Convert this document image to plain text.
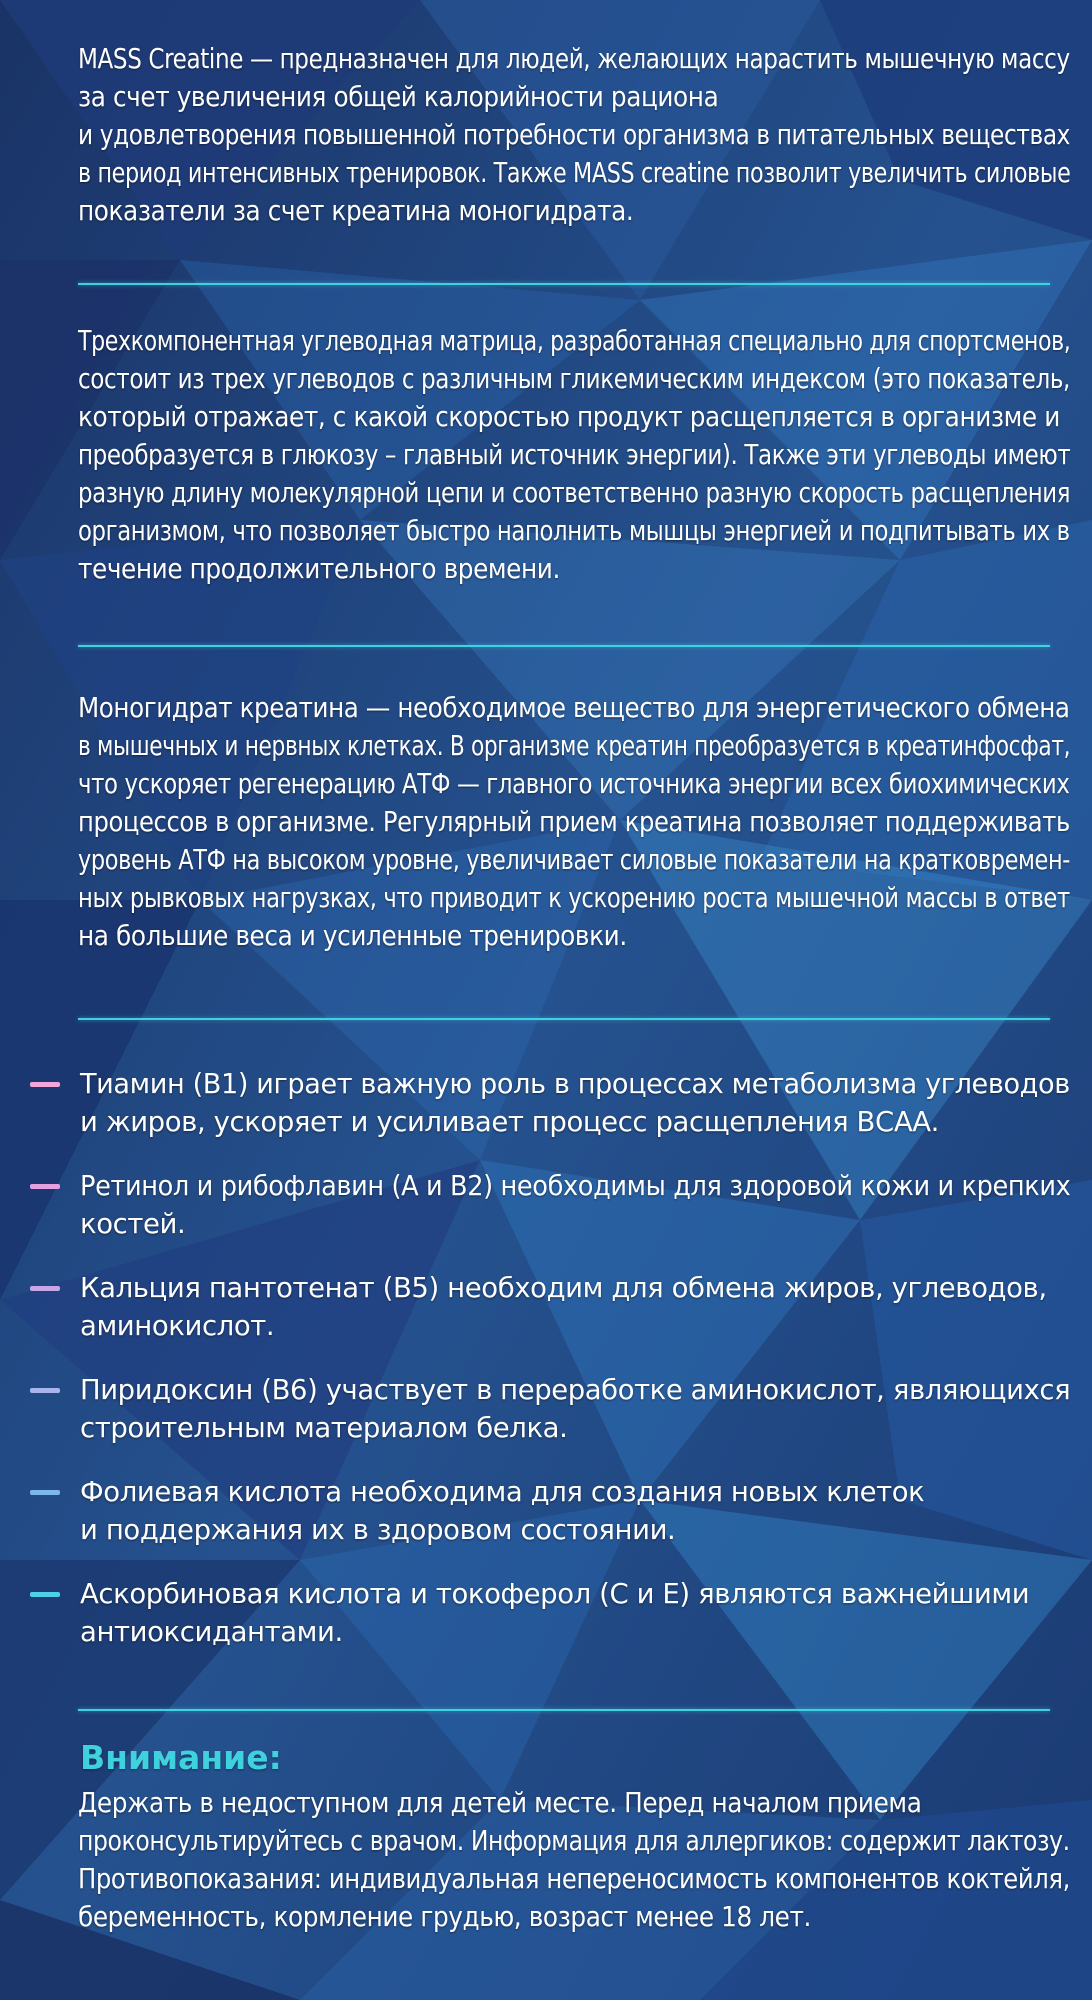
MASS Creatine — предназначен для людей, желающих нарастить мышечную массу
за счет увеличения общей калорийности рациона
и удовлетворения повышенной потребности организма в питательных веществах
в период интенсивных тренировок. Также MASS creatine позволит увеличить силовые
показатели за счет креатина моногидрата.

Трехкомпонентная углеводная матрица, разработанная специально для спортсменов,
состоит из трех углеводов с различным гликемическим индексом (это показатель,
который отражает, с какой скоростью продукт расщепляется в организме и
преобразуется в глюкозу – главный источник энергии). Также эти углеводы имеют
разную длину молекулярной цепи и соответственно разную скорость расщепления
организмом, что позволяет быстро наполнить мышцы энергией и подпитывать их в
течение продолжительного времени.

Моногидрат креатина — необходимое вещество для энергетического обмена
в мышечных и нервных клетках. В организме креатин преобразуется в креатинфосфат,
что ускоряет регенерацию АТФ — главного источника энергии всех биохимических
процессов в организме. Регулярный прием креатина позволяет поддерживать
уровень АТФ на высоком уровне, увеличивает силовые показатели на кратковремен-
ных рывковых нагрузках, что приводит к ускорению роста мышечной массы в ответ
на большие веса и усиленные тренировки.

Тиамин (В1) играет важную роль в процессах метаболизма углеводов
и жиров, ускоряет и усиливает процесс расщепления ВСАА.
Ретинол и рибофлавин (А и В2) необходимы для здоровой кожи и крепких
костей.
Кальция пантотенат (В5) необходим для обмена жиров, углеводов,
аминокислот.
Пиридоксин (В6) участвует в переработке аминокислот, являющихся
строительным материалом белка.
Фолиевая кислота необходима для создания новых клеток
и поддержания их в здоровом состоянии.
Аскорбиновая кислота и токоферол (С и Е) являются важнейшими
антиоксидантами.
Внимание:

Держать в недоступном для детей месте. Перед началом приема
проконсультируйтесь с врачом. Информация для аллергиков: содержит лактозу.
Противопоказания: индивидуальная непереносимость компонентов коктейля,
беременность, кормление грудью, возраст менее 18 лет.
